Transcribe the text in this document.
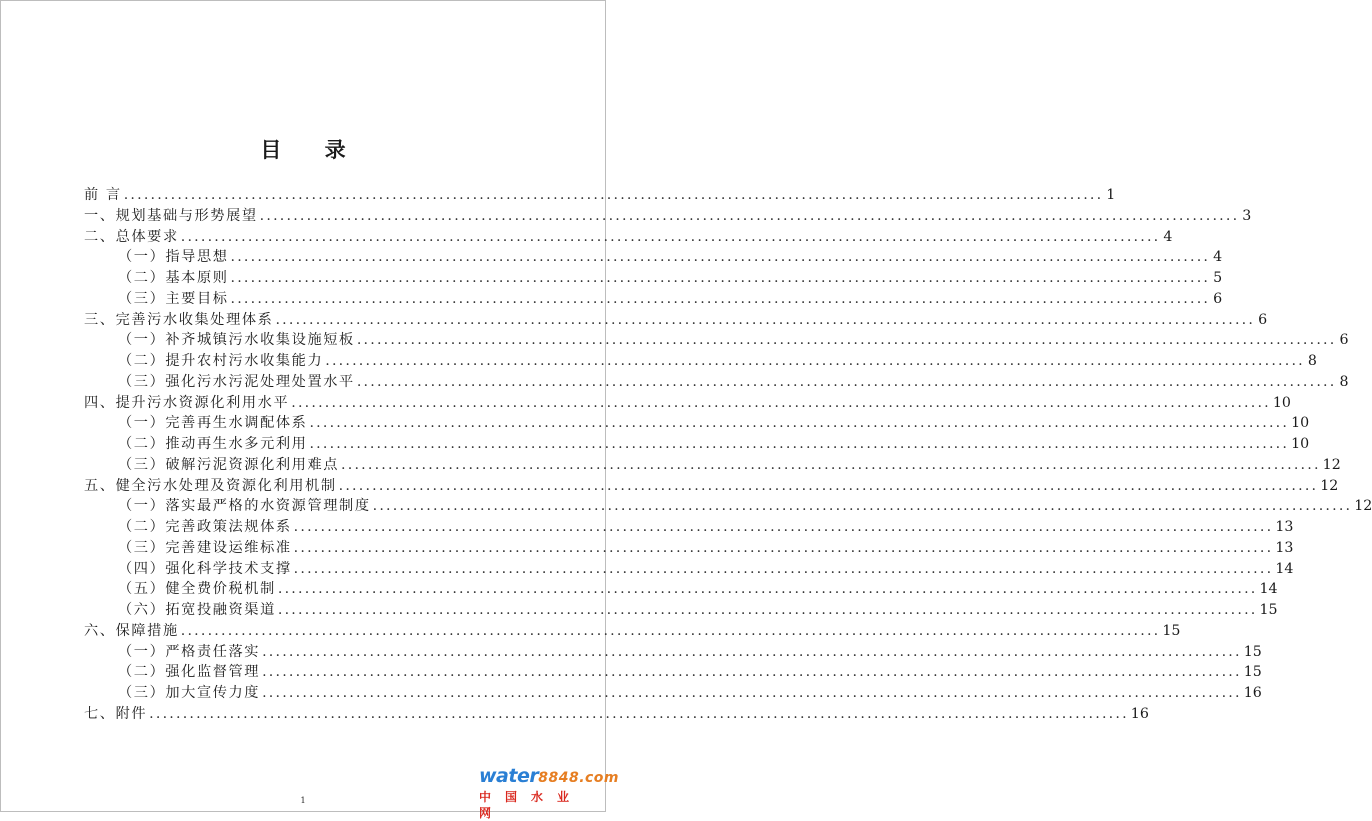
目 录
前 言 .....	1
一、规划基础与形势展望 .....	3
二、总体要求 .....	4
（一）指导思想 .....	4
（二）基本原则 .....	5
（三）主要目标 .....	6
三、完善污水收集处理体系 .....	6
（一）补齐城镇污水收集设施短板 .....	6
（二）提升农村污水收集能力 .....	8
（三）强化污水污泥处理处置水平 .....	8
四、提升污水资源化利用水平 .....	10
（一）完善再生水调配体系 .....	10
（二）推动再生水多元利用 .....	10
（三）破解污泥资源化利用难点 .....	12
五、健全污水处理及资源化利用机制 .....	12
（一）落实最严格的水资源管理制度 .....	12
（二）完善政策法规体系 .....	13
（三）完善建设运维标准 .....	13
（四）强化科学技术支撑 .....	14
（五）健全费价税机制 .....	14
（六）拓宽投融资渠道 .....	15
六、保障措施 .....	15
（一）严格责任落实 .....	15
（二）强化监督管理 .....	15
（三）加大宣传力度 .....	16
七、附件 .....	16
1
water8848.com
中国水业网
